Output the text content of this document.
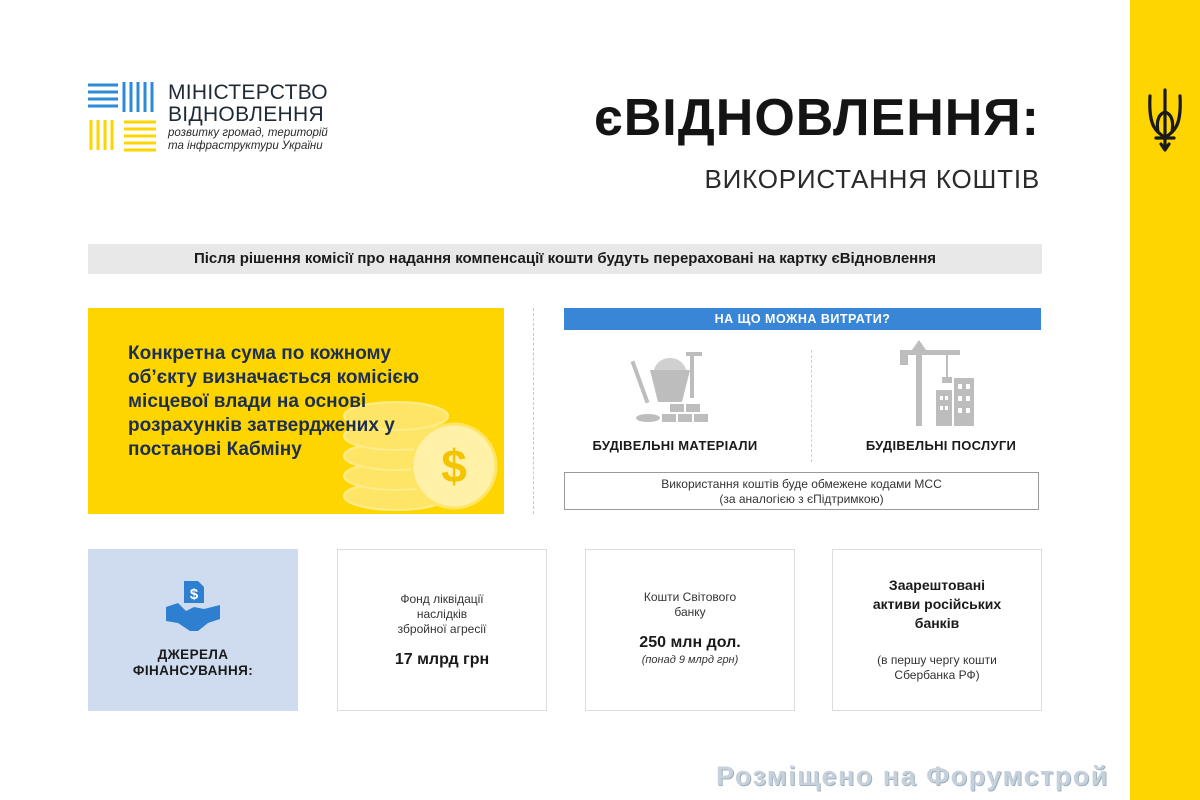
МІНІСТЕРСТВО
ВІДНОВЛЕННЯ
розвитку громад, територій
та інфраструктури України	єВІДНОВЛЕННЯ:
ВИКОРИСТАННЯ КОШТІВ
Після рішення комісії про надання компенсації кошти будуть перераховані на картку єВідновлення
$
Конкретна сума по кожному об’єкту визначається комісією місцевої влади на основі розрахунків затверджених у постанові Кабміну
НА ЩО МОЖНА ВИТРАТИ?
БУДІВЕЛЬНІ МАТЕРІАЛИ	БУДІВЕЛЬНІ ПОСЛУГИ
Використання коштів буде обмежене кодами МСС
(за аналогією з єПідтримкою)
$
ДЖЕРЕЛА
ФІНАНСУВАННЯ:
Фонд ліквідації
наслідків
збройної агресії
17 млрд грн
Кошти Світового
банку
250 млн дол.
(понад 9 млрд грн)
Заарештовані
активи російських
банків
(в першу чергу кошти
Сбербанка РФ)
Розміщено на Форумстрой
